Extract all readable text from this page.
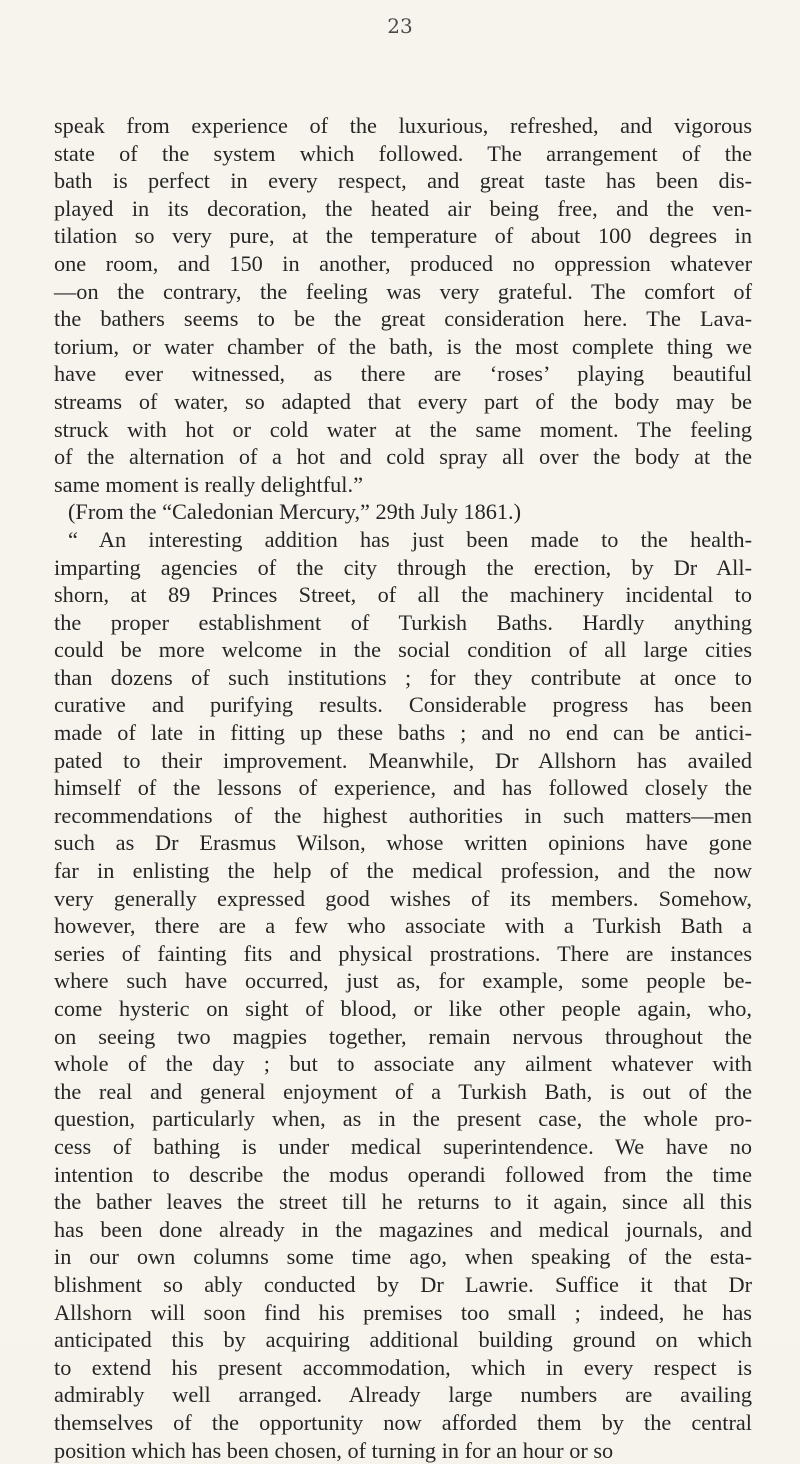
23
speak from experience of the luxurious, refreshed, and vigorous
state of the system which followed. The arrangement of the
bath is perfect in every respect, and great taste has been dis-
played in its decoration, the heated air being free, and the ven-
tilation so very pure, at the temperature of about 100 degrees in
one room, and 150 in another, produced no oppression whatever
—on the contrary, the feeling was very grateful. The comfort of
the bathers seems to be the great consideration here. The Lava-
torium, or water chamber of the bath, is the most complete thing we
have ever witnessed, as there are ‘roses’ playing beautiful
streams of water, so adapted that every part of the body may be
struck with hot or cold water at the same moment. The feeling
of the alternation of a hot and cold spray all over the body at the
same moment is really delightful.”
(From the “Caledonian Mercury,” 29th July 1861.)
“ An interesting addition has just been made to the health-
imparting agencies of the city through the erection, by Dr All-
shorn, at 89 Princes Street, of all the machinery incidental to
the proper establishment of Turkish Baths. Hardly anything
could be more welcome in the social condition of all large cities
than dozens of such institutions ; for they contribute at once to
curative and purifying results. Considerable progress has been
made of late in fitting up these baths ; and no end can be antici-
pated to their improvement. Meanwhile, Dr Allshorn has availed
himself of the lessons of experience, and has followed closely the
recommendations of the highest authorities in such matters—men
such as Dr Erasmus Wilson, whose written opinions have gone
far in enlisting the help of the medical profession, and the now
very generally expressed good wishes of its members. Somehow,
however, there are a few who associate with a Turkish Bath a
series of fainting fits and physical prostrations. There are instances
where such have occurred, just as, for example, some people be-
come hysteric on sight of blood, or like other people again, who,
on seeing two magpies together, remain nervous throughout the
whole of the day ; but to associate any ailment whatever with
the real and general enjoyment of a Turkish Bath, is out of the
question, particularly when, as in the present case, the whole pro-
cess of bathing is under medical superintendence. We have no
intention to describe the modus operandi followed from the time
the bather leaves the street till he returns to it again, since all this
has been done already in the magazines and medical journals, and
in our own columns some time ago, when speaking of the esta-
blishment so ably conducted by Dr Lawrie. Suffice it that Dr
Allshorn will soon find his premises too small ; indeed, he has
anticipated this by acquiring additional building ground on which
to extend his present accommodation, which in every respect is
admirably well arranged. Already large numbers are availing
themselves of the opportunity now afforded them by the central
position which has been chosen, of turning in for an hour or so
